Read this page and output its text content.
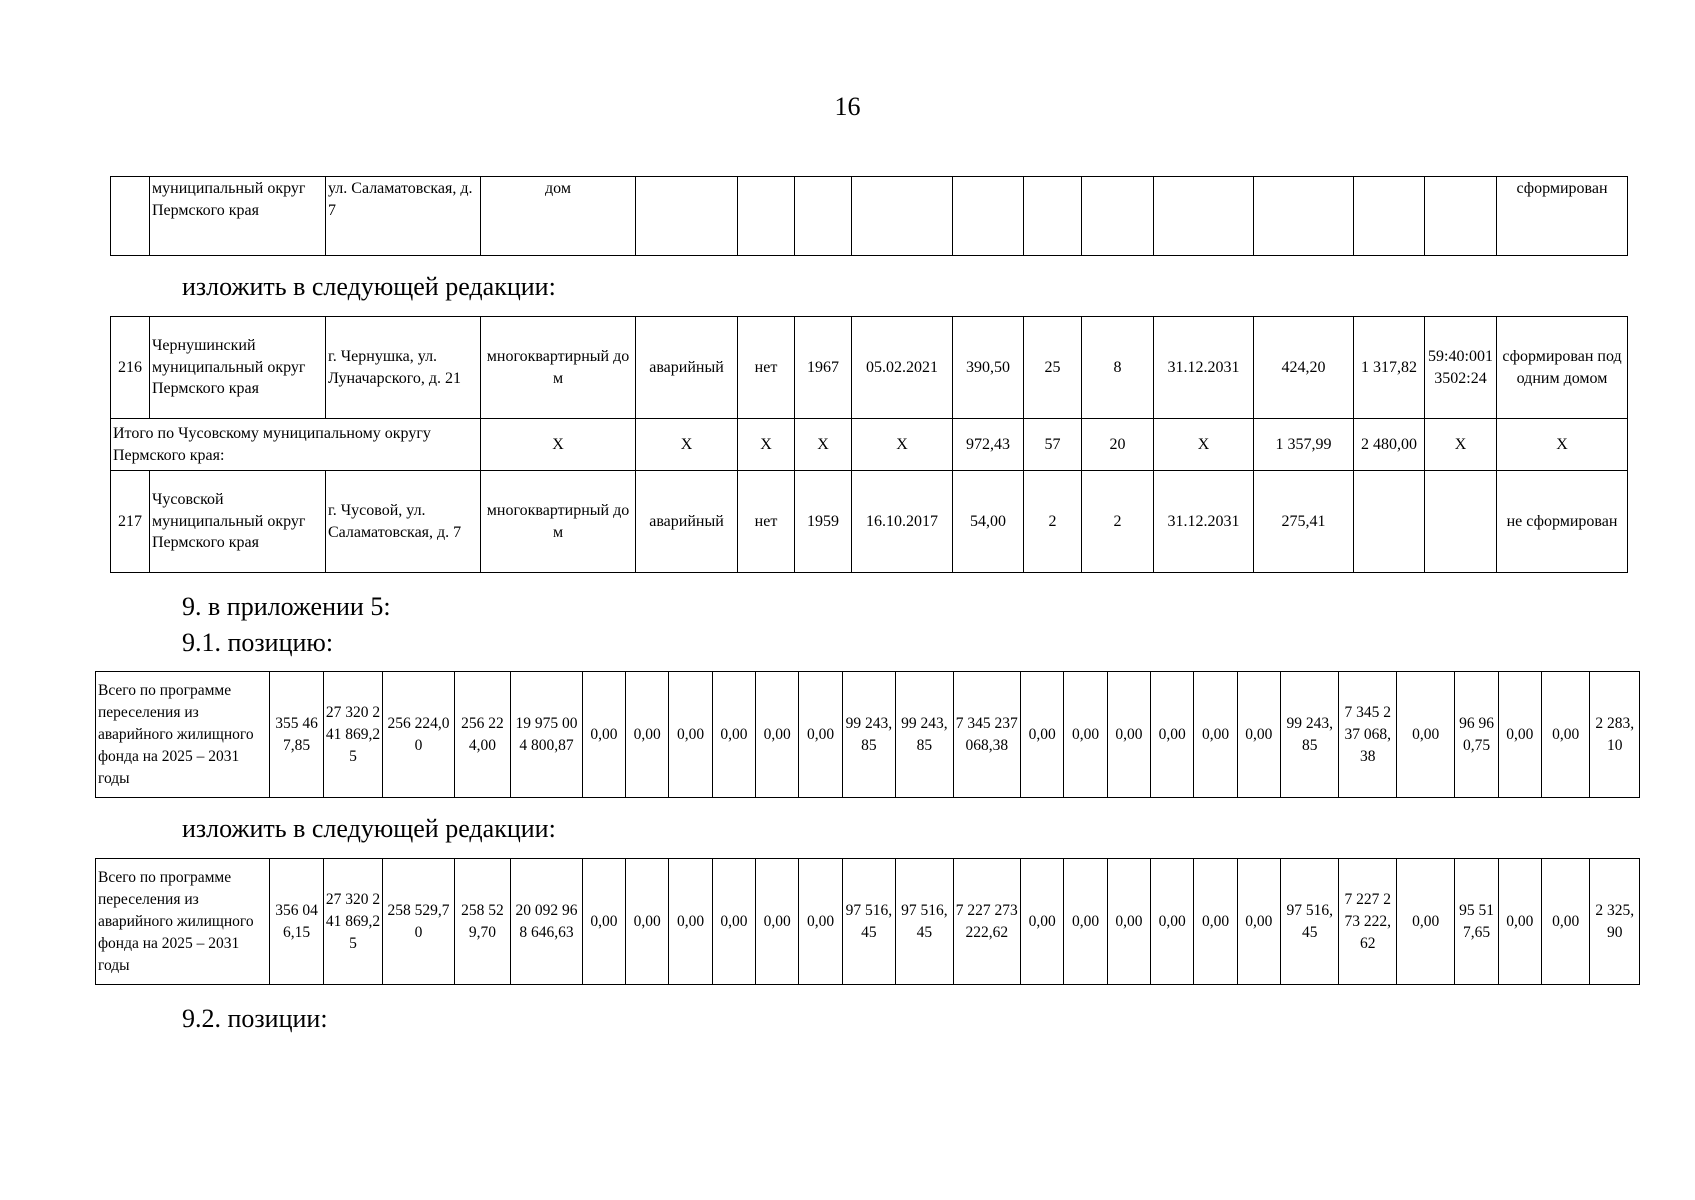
16
	муниципальный округ Пермского края	ул. Саламатовская, д. 7	дом												сформирован
изложить в следующей редакции:
216	Чернушинский муниципальный округ Пермского края	г. Чернушка, ул. Луначарского, д. 21	многоквартирный дом	аварийный	нет	1967	05.02.2021	390,50	25	8	31.12.2031	424,20	1 317,82	59:40:0013502:24	сформирован под одним домом
Итого по Чусовскому муниципальному округу Пермского края:			Х	Х	Х	Х	Х	972,43	57	20	Х	1 357,99	2 480,00	Х	Х
217	Чусовской муниципальный округ Пермского края	г. Чусовой, ул. Саламатовская, д. 7	многоквартирный дом	аварийный	нет	1959	16.10.2017	54,00	2	2	31.12.2031	275,41			не сформирован
9. в приложении 5:
9.1. позицию:
Всего по программе переселения из аварийного жилищного фонда на 2025 – 2031 годы	355 467,85	27 320 241 869,25	256 224,00	256 224,00	19 975 004 800,87	0,00	0,00	0,00	0,00	0,00	0,00	99 243,85	99 243,85	7 345 237 068,38	0,00	0,00	0,00	0,00	0,00	0,00	99 243,85	7 345 237 068,38	0,00	96 960,75	0,00	0,00	2 283,10
изложить в следующей редакции:
Всего по программе переселения из аварийного жилищного фонда на 2025 – 2031 годы	356 046,15	27 320 241 869,25	258 529,70	258 529,70	20 092 968 646,63	0,00	0,00	0,00	0,00	0,00	0,00	97 516,45	97 516,45	7 227 273 222,62	0,00	0,00	0,00	0,00	0,00	0,00	97 516,45	7 227 273 222,62	0,00	95 517,65	0,00	0,00	2 325,90
9.2. позиции:
